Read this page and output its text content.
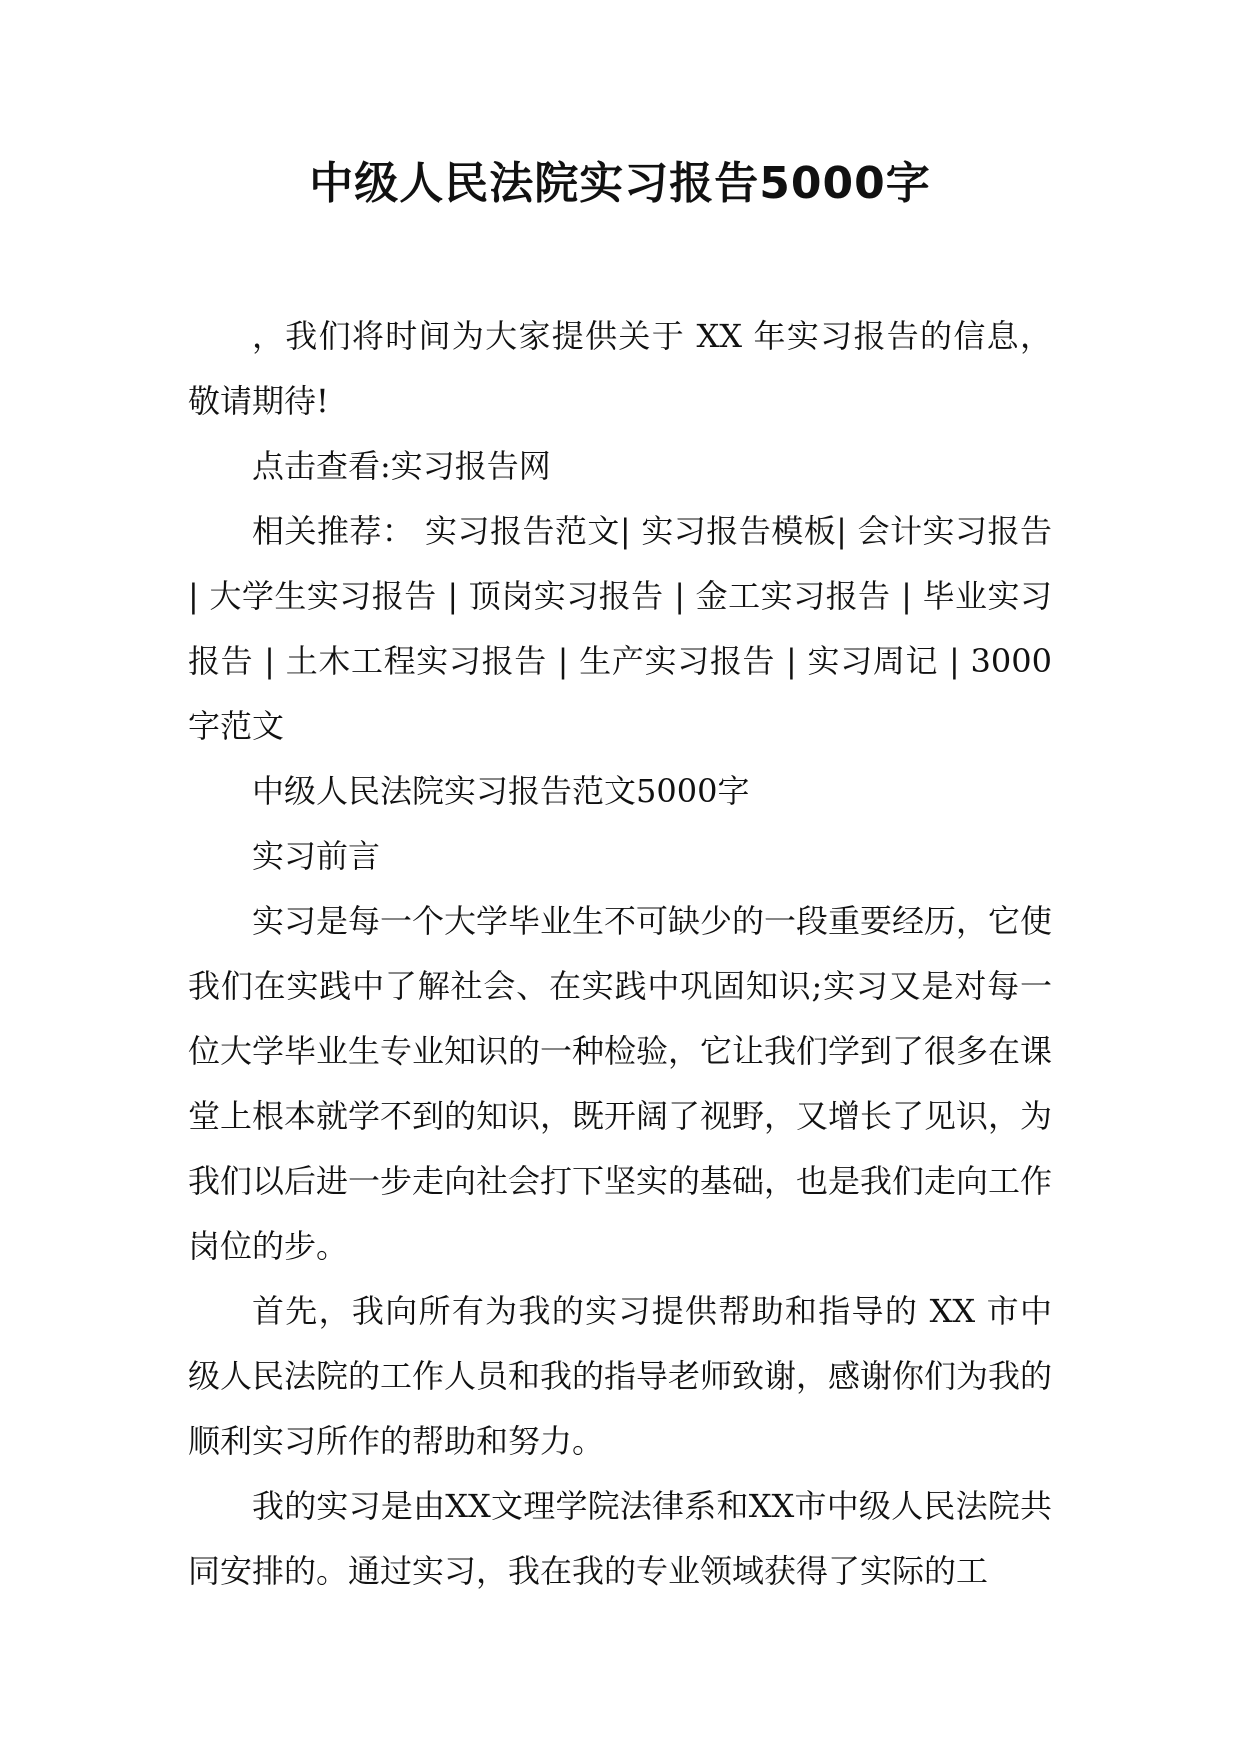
中级人民法院实习报告5000字

，我们将时间为大家提供关于 XX 年实习报告的信息，敬请期待!

点击查看:实习报告网

相关推荐： 实习报告范文| 实习报告模板| 会计实习报告 | 大学生实习报告 | 顶岗实习报告 | 金工实习报告 | 毕业实习报告 | 土木工程实习报告 | 生产实习报告 | 实习周记 | 3000字范文

中级人民法院实习报告范文5000字

实习前言

实习是每一个大学毕业生不可缺少的一段重要经历，它使我们在实践中了解社会、在实践中巩固知识;实习又是对每一位大学毕业生专业知识的一种检验，它让我们学到了很多在课堂上根本就学不到的知识，既开阔了视野，又增长了见识，为我们以后进一步走向社会打下坚实的基础，也是我们走向工作岗位的步。

首先，我向所有为我的实习提供帮助和指导的 XX 市中级人民法院的工作人员和我的指导老师致谢，感谢你们为我的顺利实习所作的帮助和努力。

我的实习是由XX文理学院法律系和XX市中级人民法院共同安排的。通过实习，我在我的专业领域获得了实际的工
